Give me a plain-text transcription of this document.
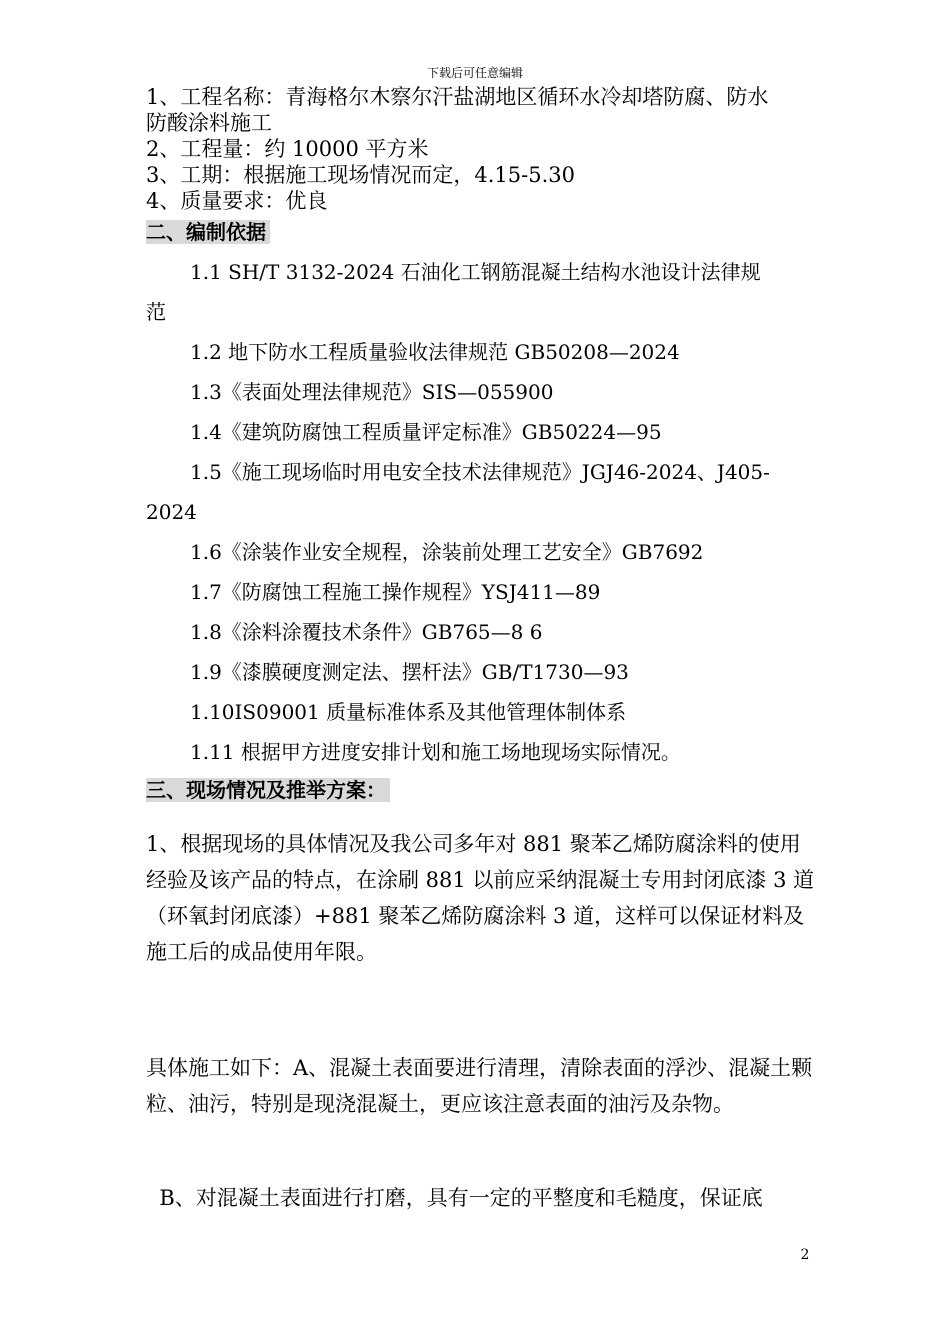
下载后可任意编辑
1、工程名称：青海格尔木察尔汗盐湖地区循环水冷却塔防腐、防水
防酸涂料施工
2、工程量：约 10000 平方米
3、工期：根据施工现场情况而定，4.15-5.30
4、质量要求：优良
二、编制依据
1.1 SH/T 3132-2024 石油化工钢筋混凝土结构水池设计法律规
范
1.2 地下防水工程质量验收法律规范 GB50208—2024
1.3《表面处理法律规范》SIS—055900
1.4《建筑防腐蚀工程质量评定标准》GB50224—95
1.5《施工现场临时用电安全技术法律规范》JGJ46-2024、J405-
2024
1.6《涂装作业安全规程，涂装前处理工艺安全》GB7692
1.7《防腐蚀工程施工操作规程》YSJ411—89
1.8《涂料涂覆技术条件》GB765—8 6
1.9《漆膜硬度测定法、摆杆法》GB/T1730—93
1.10IS09001 质量标准体系及其他管理体制体系
1.11 根据甲方进度安排计划和施工场地现场实际情况。
三、现场情况及推举方案：
1、根据现场的具体情况及我公司多年对 881 聚苯乙烯防腐涂料的使用经验及该产品的特点，在涂刷 881 以前应采纳混凝土专用封闭底漆 3 道（环氧封闭底漆）+881 聚苯乙烯防腐涂料 3 道，这样可以保证材料及施工后的成品使用年限。
具体施工如下：A、混凝土表面要进行清理，清除表面的浮沙、混凝土颗粒、油污，特别是现浇混凝土，更应该注意表面的油污及杂物。
B、对混凝土表面进行打磨，具有一定的平整度和毛糙度，保证底
2
